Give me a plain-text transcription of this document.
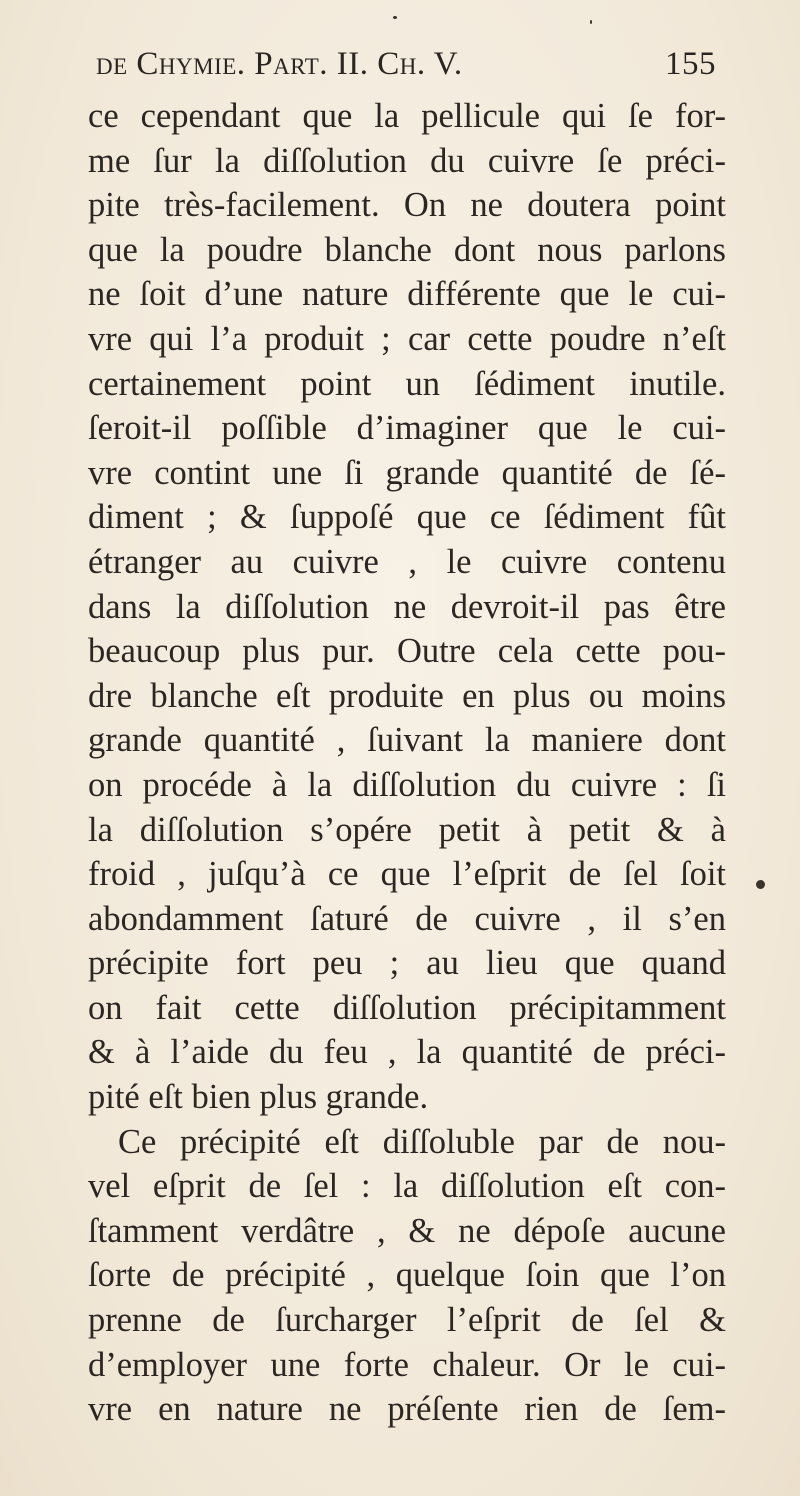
de Chymie. Part. II. Ch. V.	155
ce cependant que la pellicule qui ſe for-
me ſur la diſſolution du cuivre ſe préci-
pite très-facilement. On ne doutera point
que la poudre blanche dont nous parlons
ne ſoit d’une nature différente que le cui-
vre qui l’a produit ; car cette poudre n’eſt
certainement point un ſédiment inutile.
ſeroit-il poſſible d’imaginer que le cui-
vre contint une ſi grande quantité de ſé-
diment ; & ſuppoſé que ce ſédiment fût
étranger au cuivre , le cuivre contenu
dans la diſſolution ne devroit-il pas être
beaucoup plus pur. Outre cela cette pou-
dre blanche eſt produite en plus ou moins
grande quantité , ſuivant la maniere dont
on procéde à la diſſolution du cuivre : ſi
la diſſolution s’opére petit à petit & à
froid , juſqu’à ce que l’eſprit de ſel ſoit
abondamment ſaturé de cuivre , il s’en
précipite fort peu ; au lieu que quand
on fait cette diſſolution précipitamment
& à l’aide du feu , la quantité de préci-
pité eſt bien plus grande.
Ce précipité eſt diſſoluble par de nou-
vel eſprit de ſel : la diſſolution eſt con-
ſtamment verdâtre , & ne dépoſe aucune
ſorte de précipité , quelque ſoin que l’on
prenne de ſurcharger l’eſprit de ſel &
d’employer une forte chaleur. Or le cui-
vre en nature ne préſente rien de ſem-
